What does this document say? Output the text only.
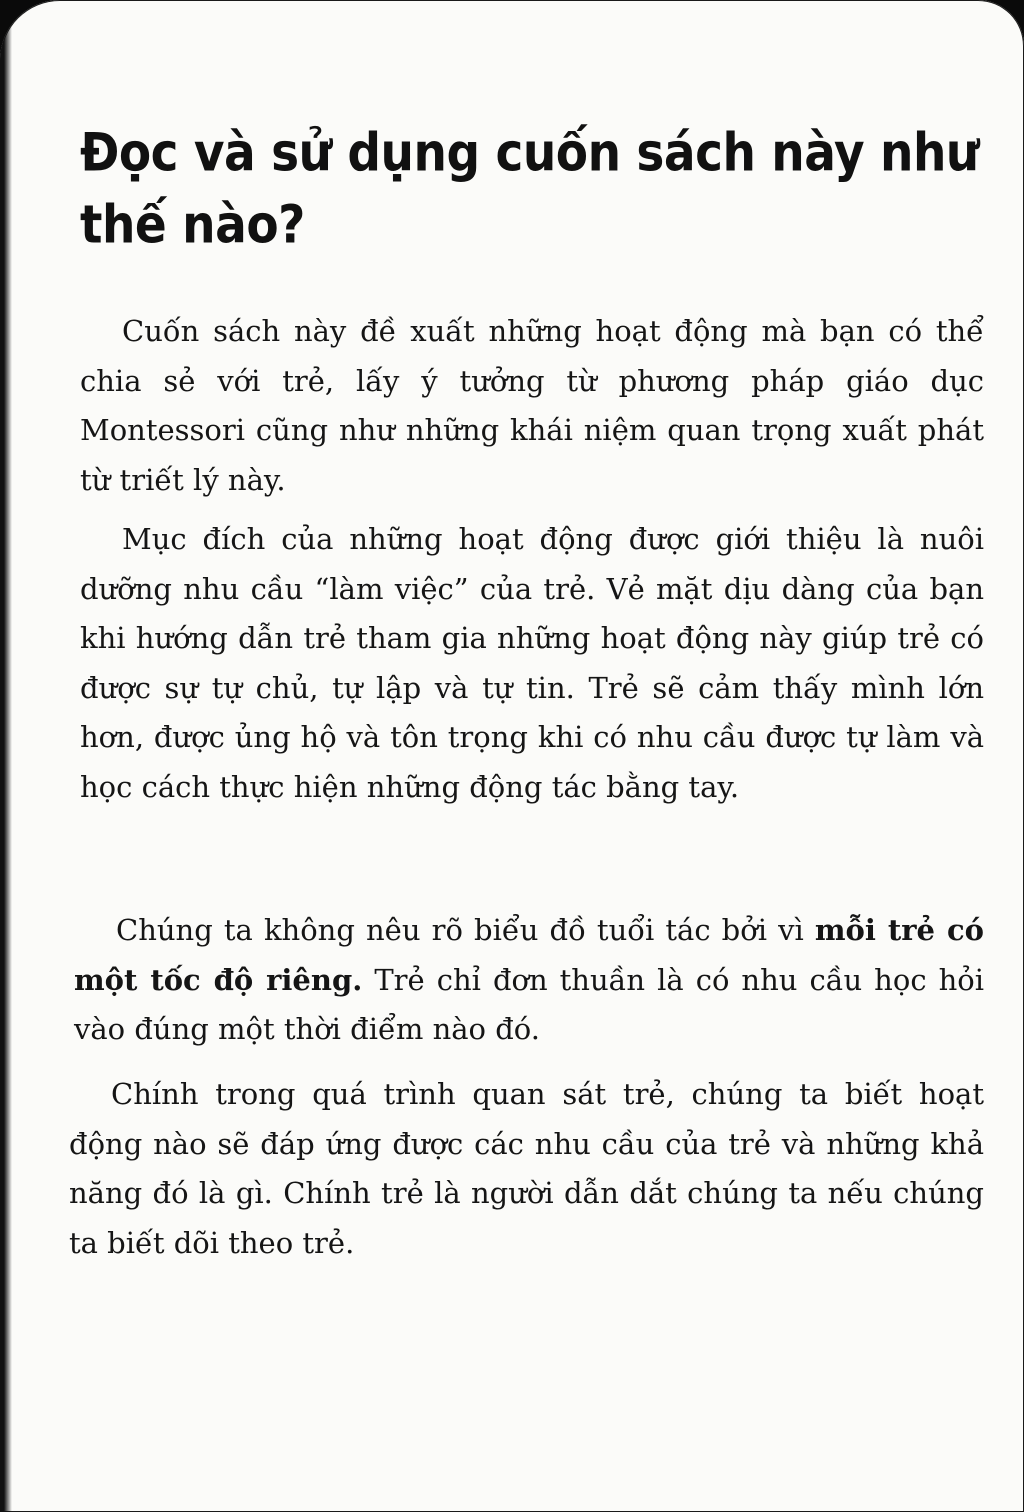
Đọc và sử dụng cuốn sách này như
thế nào?

Cuốn sách này đề xuất những hoạt động mà bạn có thể chia sẻ với trẻ, lấy ý tưởng từ phương pháp giáo dục Montessori cũng như những khái niệm quan trọng xuất phát từ triết lý này.

Mục đích của những hoạt động được giới thiệu là nuôi dưỡng nhu cầu “làm việc” của trẻ. Vẻ mặt dịu dàng của bạn khi hướng dẫn trẻ tham gia những hoạt động này giúp trẻ có được sự tự chủ, tự lập và tự tin. Trẻ sẽ cảm thấy mình lớn hơn, được ủng hộ và tôn trọng khi có nhu cầu được tự làm và học cách thực hiện những động tác bằng tay.

Chúng ta không nêu rõ biểu đồ tuổi tác bởi vì mỗi trẻ có một tốc độ riêng. Trẻ chỉ đơn thuần là có nhu cầu học hỏi vào đúng một thời điểm nào đó.

Chính trong quá trình quan sát trẻ, chúng ta biết hoạt động nào sẽ đáp ứng được các nhu cầu của trẻ và những khả năng đó là gì. Chính trẻ là người dẫn dắt chúng ta nếu chúng ta biết dõi theo trẻ.
